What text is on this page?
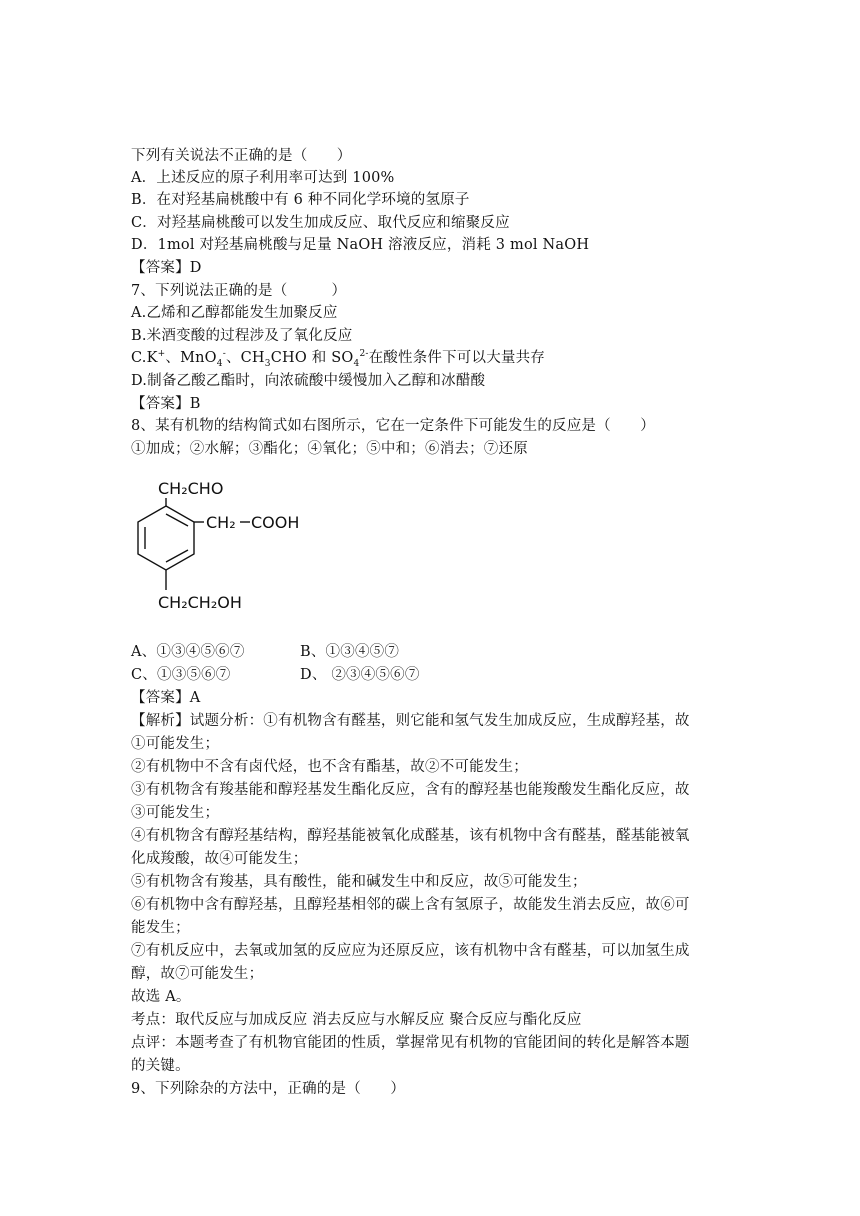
下列有关说法不正确的是（　　）
A．上述反应的原子利用率可达到 100%
B．在对羟基扁桃酸中有 6 种不同化学环境的氢原子
C．对羟基扁桃酸可以发生加成反应、取代反应和缩聚反应
D．1mol 对羟基扁桃酸与足量 NaOH 溶液反应，消耗 3 mol NaOH
【答案】D
7、下列说法正确的是（　　　）
A.乙烯和乙醇都能发生加聚反应
B.米酒变酸的过程涉及了氧化反应
C.K+、MnO$_4$-、$CH_3CHO$ 和 $SO_4^{2-}$在酸性条件下可以大量共存
D.制备乙酸乙酯时，向浓硫酸中缓慢加入乙醇和冰醋酸
【答案】B
8、某有机物的结构简式如右图所示，它在一定条件下可能发生的反应是（　　）
①加成；②水解；③酯化；④氧化；⑤中和；⑥消去；⑦还原
CH₂CHO
CH₂ COOH
CH₂CH₂OH
A、①③④⑤⑥⑦	B、①③④⑤⑦
C、①③⑤⑥⑦	D、 ②③④⑤⑥⑦
【答案】A
【解析】试题分析：①有机物含有醛基，则它能和氢气发生加成反应，生成醇羟基，故
①可能发生；
②有机物中不含有卤代烃，也不含有酯基，故②不可能发生；
③有机物含有羧基能和醇羟基发生酯化反应，含有的醇羟基也能羧酸发生酯化反应，故
③可能发生；
④有机物含有醇羟基结构，醇羟基能被氧化成醛基，该有机物中含有醛基，醛基能被氧
化成羧酸，故④可能发生；
⑤有机物含有羧基，具有酸性，能和碱发生中和反应，故⑤可能发生；
⑥有机物中含有醇羟基，且醇羟基相邻的碳上含有氢原子，故能发生消去反应，故⑥可
能发生；
⑦有机反应中，去氧或加氢的反应应为还原反应，该有机物中含有醛基，可以加氢生成
醇，故⑦可能发生；
故选 A。
考点：取代反应与加成反应 消去反应与水解反应 聚合反应与酯化反应
点评：本题考查了有机物官能团的性质，掌握常见有机物的官能团间的转化是解答本题
的关键。
9、下列除杂的方法中，正确的是（　　）
